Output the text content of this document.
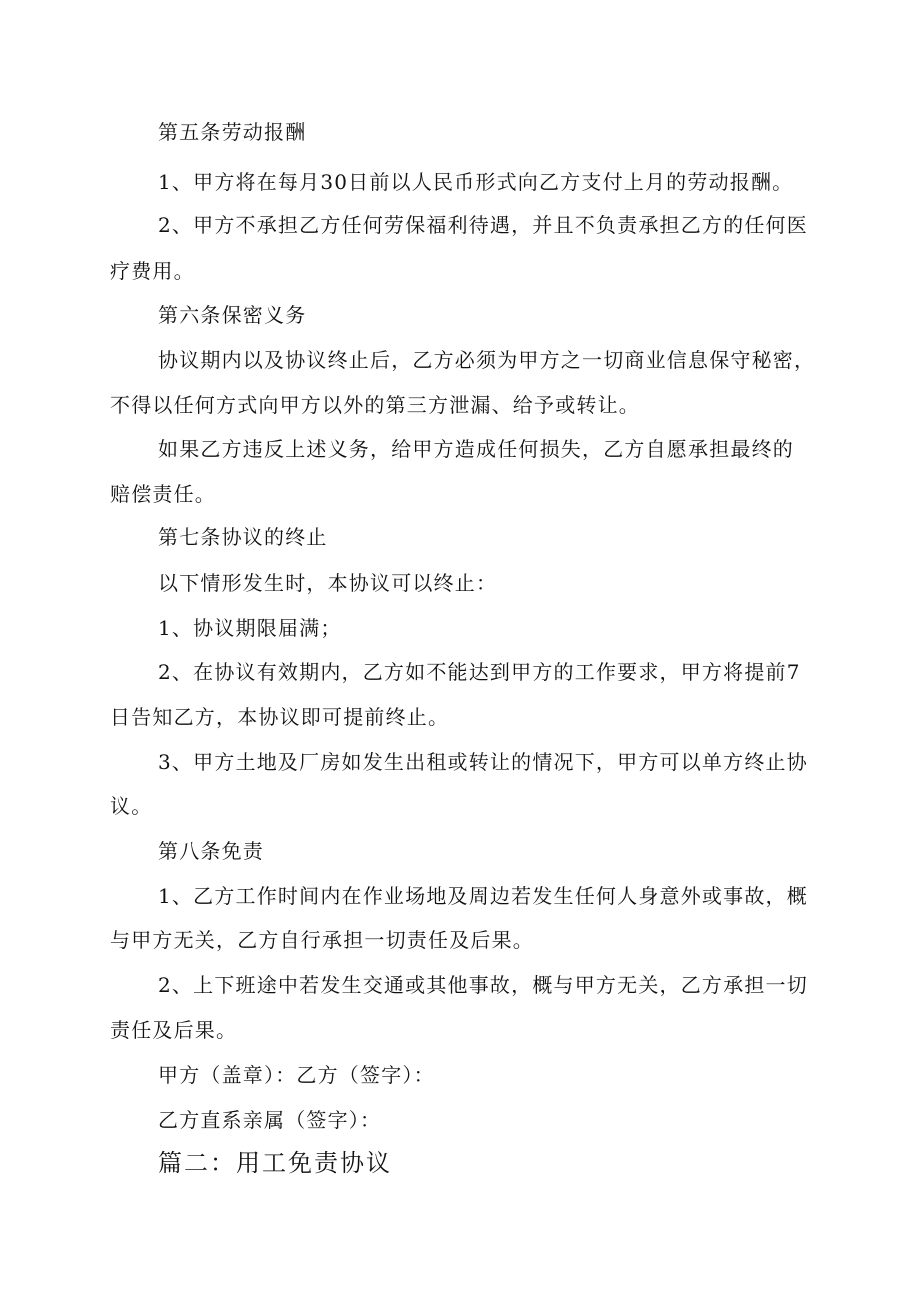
第五条劳动报酬
1、甲方将在每月30日前以人民币形式向乙方支付上月的劳动报酬。
2、甲方不承担乙方任何劳保福利待遇，并且不负责承担乙方的任何医
疗费用。
第六条保密义务
协议期内以及协议终止后，乙方必须为甲方之一切商业信息保守秘密，
不得以任何方式向甲方以外的第三方泄漏、给予或转让。
如果乙方违反上述义务，给甲方造成任何损失，乙方自愿承担最终的
赔偿责任。
第七条协议的终止
以下情形发生时，本协议可以终止：
1、协议期限届满；
2、在协议有效期内，乙方如不能达到甲方的工作要求，甲方将提前7
日告知乙方，本协议即可提前终止。
3、甲方土地及厂房如发生出租或转让的情况下，甲方可以单方终止协
议。
第八条免责
1、乙方工作时间内在作业场地及周边若发生任何人身意外或事故，概
与甲方无关，乙方自行承担一切责任及后果。
2、上下班途中若发生交通或其他事故，概与甲方无关，乙方承担一切
责任及后果。
甲方（盖章）：乙方（签字）：
乙方直系亲属（签字）：
篇二：用工免责协议
